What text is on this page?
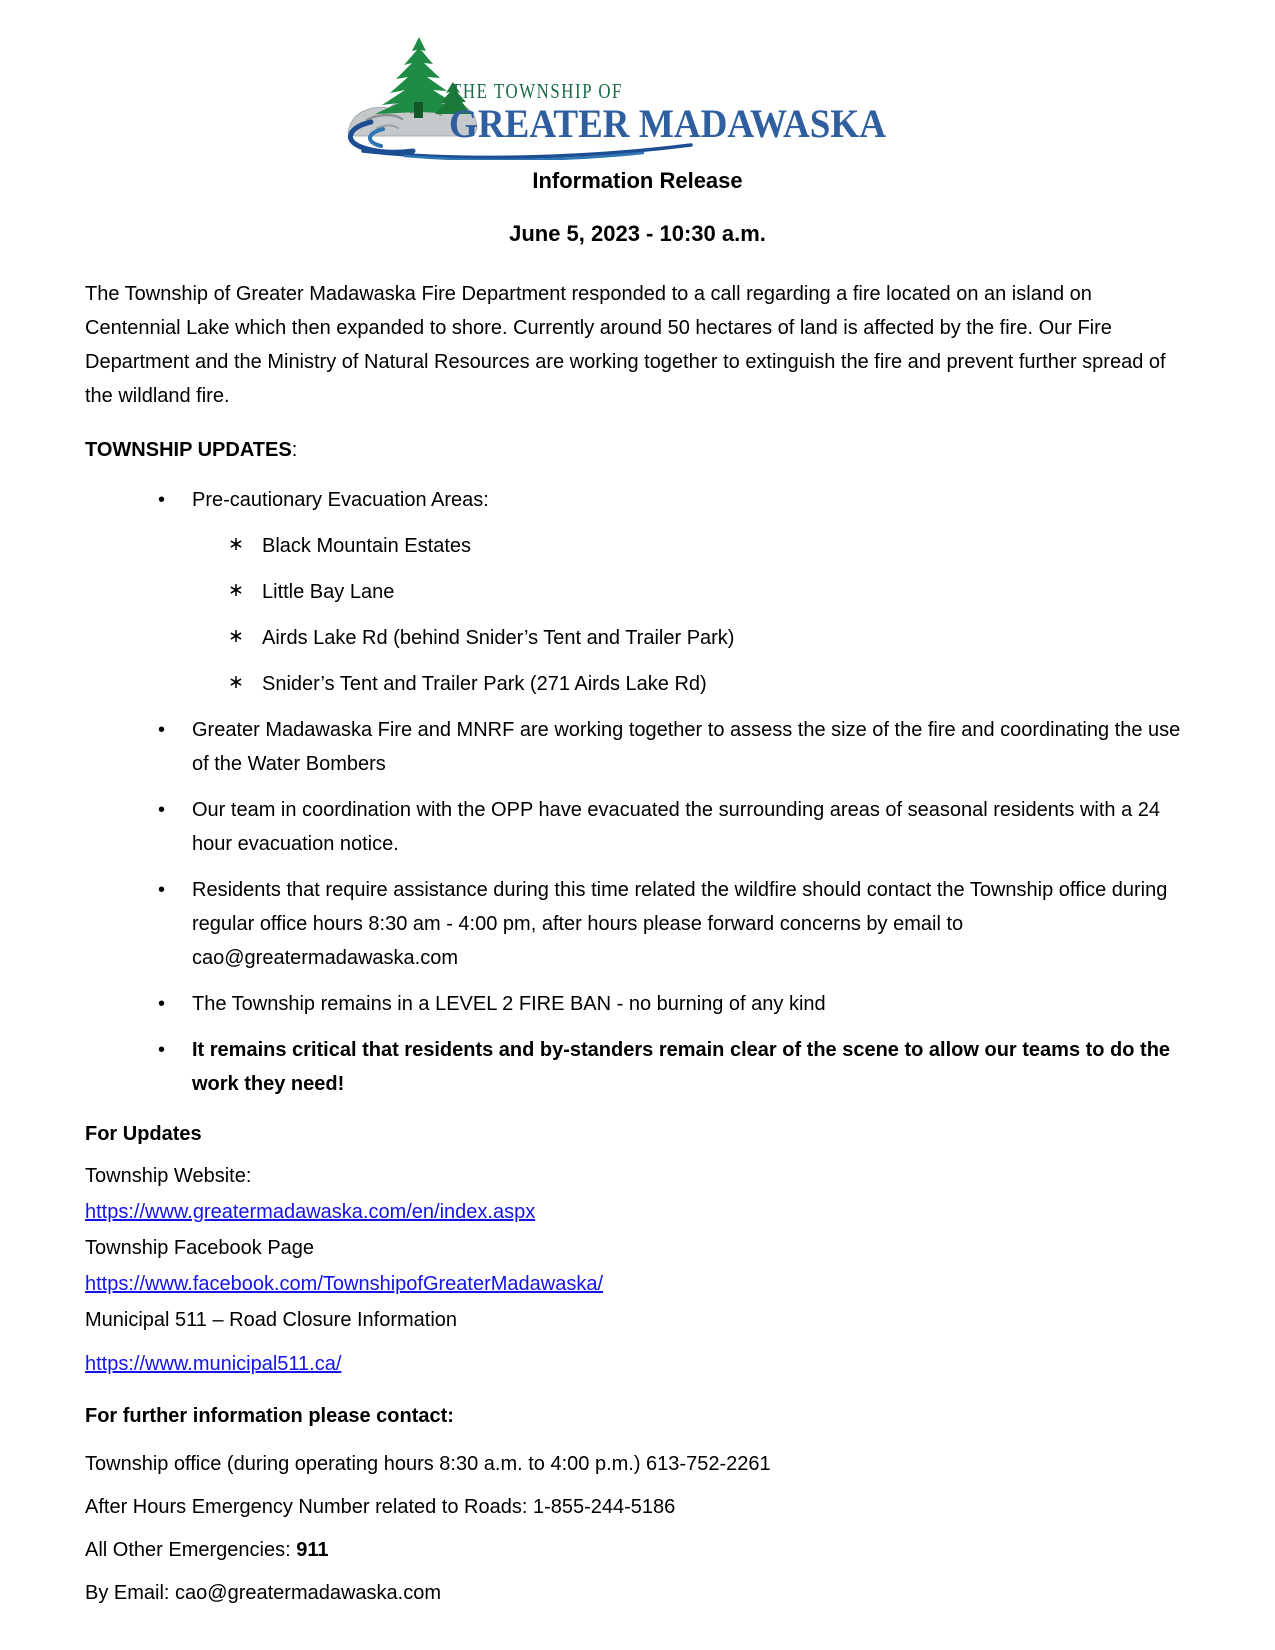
THE TOWNSHIP OF
GREATER MADAWASKA
Information Release
June 5, 2023 - 10:30 a.m.

The Township of Greater Madawaska Fire Department responded to a call regarding a fire located on an island on Centennial Lake which then expanded to shore. Currently around 50 hectares of land is affected by the fire. Our Fire Department and the Ministry of Natural Resources are working together to extinguish the fire and prevent further spread of the wildland fire.

TOWNSHIP UPDATES:
•	Pre-cautionary Evacuation Areas:
∗ Black Mountain Estates
∗ Little Bay Lane
∗ Airds Lake Rd (behind Snider’s Tent and Trailer Park)
∗ Snider’s Tent and Trailer Park (271 Airds Lake Rd)
•	Greater Madawaska Fire and MNRF are working together to assess the size of the fire and coordinating the use of the Water Bombers
•	Our team in coordination with the OPP have evacuated the surrounding areas of seasonal residents with a 24 hour evacuation notice.
•	Residents that require assistance during this time related the wildfire should contact the Township office during regular office hours 8:30 am - 4:00 pm, after hours please forward concerns by email to cao@greatermadawaska.com
•	The Township remains in a LEVEL 2 FIRE BAN - no burning of any kind
•	It remains critical that residents and by-standers remain clear of the scene to allow our teams to do the work they need!
For Updates
Township Website:
https://www.greatermadawaska.com/en/index.aspx
Township Facebook Page
https://www.facebook.com/TownshipofGreaterMadawaska/
Municipal 511 – Road Closure Information
https://www.municipal511.ca/
For further information please contact:
Township office (during operating hours 8:30 a.m. to 4:00 p.m.) 613-752-2261
After Hours Emergency Number related to Roads: 1-855-244-5186
All Other Emergencies: 911
By Email: cao@greatermadawaska.com
